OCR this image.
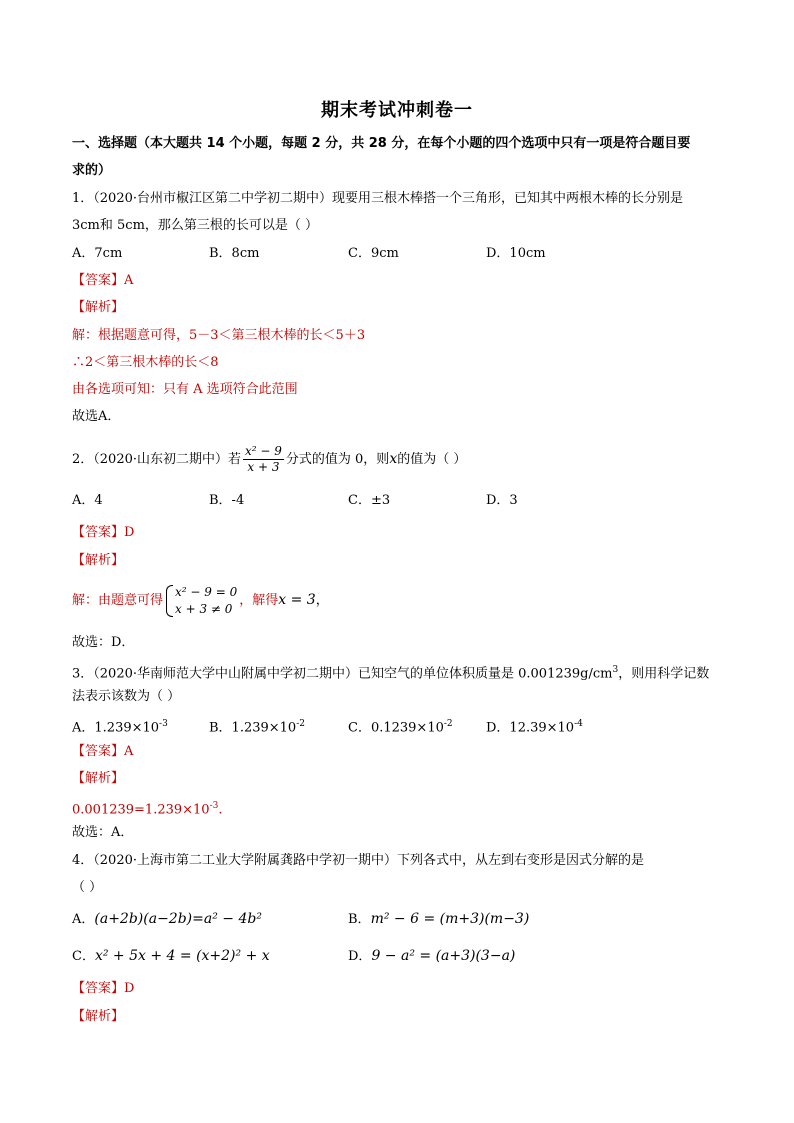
期末考试冲刺卷一
一、选择题（本大题共 14 个小题，每题 2 分，共 28 分，在每个小题的四个选项中只有一项是符合题目要
求的）
1．（2020·台州市椒江区第二中学初二期中）现要用三根木棒搭一个三角形，已知其中两根木棒的长分别是
3cm和 5cm，那么第三根的长可以是（ ）
A．7cm	B．8cm	C．9cm	D．10cm
【答案】A
【解析】
解：根据题意可得，5－3＜第三根木棒的长＜5＋3
∴2＜第三根木棒的长＜8
由各选项可知：只有 A 选项符合此范围
故选A．
2．（2020·山东初二期中）若 $\frac{\text{x² − 9}}{x + 3}$ 分式的值为 0，则x的值为（ ）
A．4	B．-4	C．±3	D．3
【答案】D
【解析】
解：由题意可得
x² − 9 = 0
x + 3 ≠ 0
，解得x = 3，
故选：D．
3．（2020·华南师范大学中山附属中学初二期中）已知空气的单位体积质量是 $0.001239g/cm^3$，则用科学记数
法表示该数为（ ）
A．$1.239\times 10^{-3}$	B．$1.239\times 10^{-2}$	C．$0.1239\times 10^{-2}$	D．$12.39\times 10^{-4}$
【答案】A
【解析】
$0.001239=1.239\times 10^{-3}$.
故选：A．
4．（2020·上海市第二工业大学附属龚路中学初一期中）下列各式中，从左到右变形是因式分解的是
（ ）
A．(a+2b)(a−2b)=a² − 4b²	B．m² − 6 = (m+3)(m−3)
C．x² + 5x + 4 = (x+2)² + x	D．9 − a² = (a+3)(3−a)
【答案】D
【解析】
